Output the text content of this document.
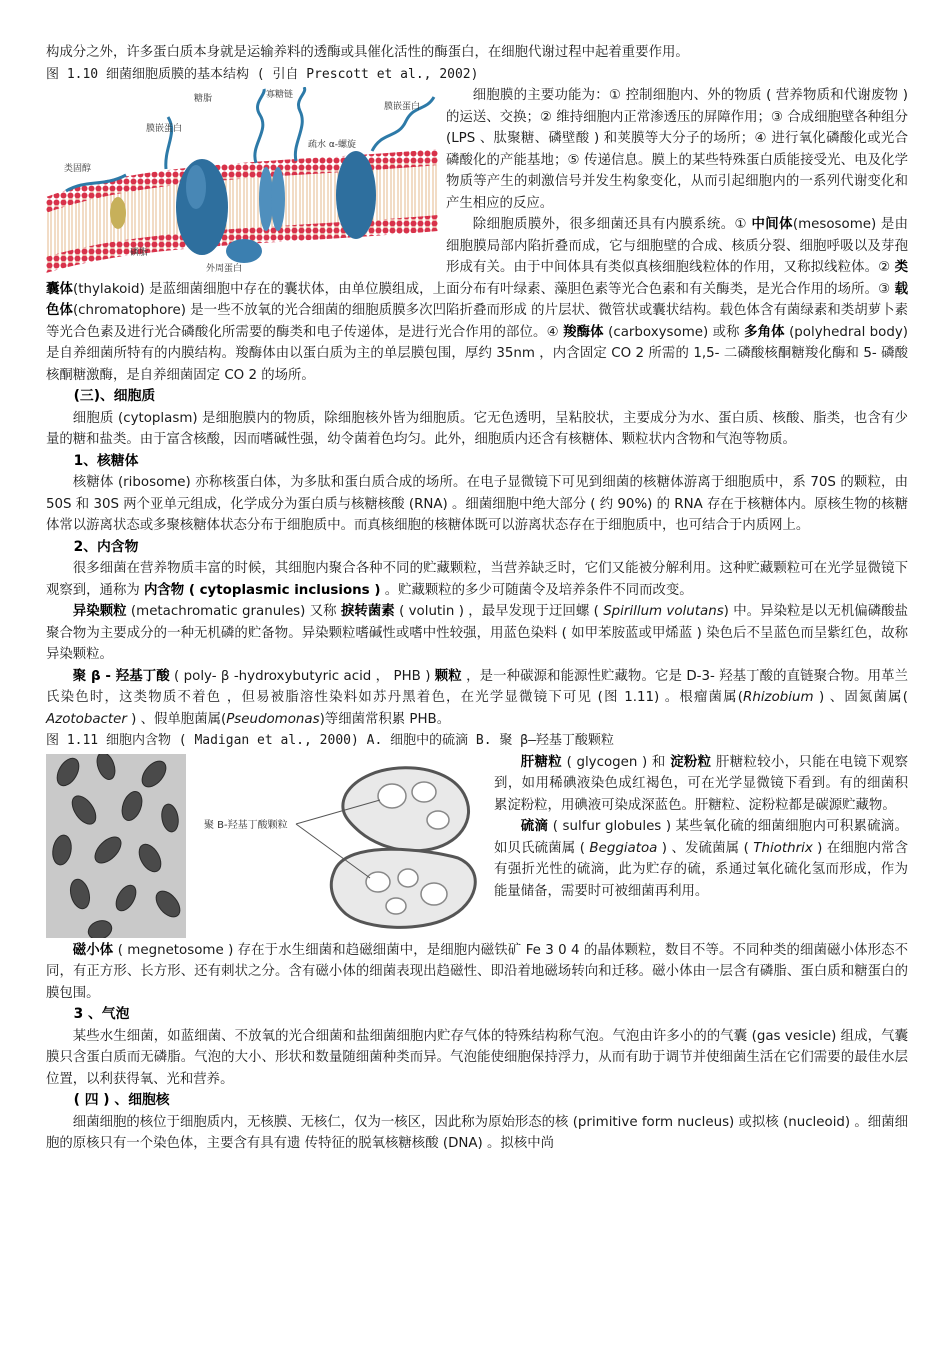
构成分之外，许多蛋白质本身就是运输养料的透酶或具催化活性的酶蛋白，在细胞代谢过程中起着重要作用。

图 1.10 细菌细胞质膜的基本结构 ( 引自 Prescott et al., 2002)

糖脂	寡糖链
膜嵌蛋白
膜嵌蛋白
类固醇
疏水 α-螺旋
磷脂
外周蛋白

细胞膜的主要功能为：① 控制细胞内、外的物质 ( 营养物质和代谢废物 ) 的运送、交换；② 维持细胞内正常渗透压的屏障作用；③ 合成细胞壁各种组分 (LPS 、肽聚糖、磷壁酸 ) 和荚膜等大分子的场所；④ 进行氧化磷酸化或光合磷酸化的产能基地；⑤ 传递信息。膜上的某些特殊蛋白质能接受光、电及化学物质等产生的刺激信号并发生构象变化，从而引起细胞内的一系列代谢变化和产生相应的反应。

除细胞质膜外，很多细菌还具有内膜系统。① 中间体(mesosome) 是由细胞膜局部内陷折叠而成，它与细胞壁的合成、核质分裂、细胞呼吸以及芽孢形成有关。由于中间体具有类似真核细胞线粒体的作用，又称拟线粒体。② 类囊体(thylakoid) 是蓝细菌细胞中存在的囊状体，由单位膜组成，上面分布有叶绿素、藻胆色素等光合色素和有关酶类，是光合作用的场所。③ 载色体(chromatophore) 是一些不放氧的光合细菌的细胞质膜多次凹陷折叠而形成 的片层状、微管状或囊状结构。载色体含有菌绿素和类胡萝卜素等光合色素及进行光合磷酸化所需要的酶类和电子传递体，是进行光合作用的部位。④ 羧酶体 (carboxysome) 或称 多角体 (polyhedral body) 是自养细菌所特有的内膜结构。羧酶体由以蛋白质为主的单层膜包围，厚约 35nm ，内含固定 CO 2 所需的 1,5- 二磷酸核酮糖羧化酶和 5- 磷酸核酮糖激酶，是自养细菌固定 CO 2 的场所。

(三)、细胞质

细胞质 (cytoplasm) 是细胞膜内的物质，除细胞核外皆为细胞质。它无色透明，呈粘胶状，主要成分为水、蛋白质、核酸、脂类，也含有少量的糖和盐类。由于富含核酸，因而嗜碱性强，幼令菌着色均匀。此外，细胞质内还含有核糖体、颗粒状内含物和气泡等物质。

1、核糖体

核糖体 (ribosome) 亦称核蛋白体，为多肽和蛋白质合成的场所。在电子显微镜下可见到细菌的核糖体游离于细胞质中，系 70S 的颗粒，由 50S 和 30S 两个亚单元组成，化学成分为蛋白质与核糖核酸 (RNA) 。细菌细胞中绝大部分 ( 约 90%) 的 RNA 存在于核糖体内。原核生物的核糖体常以游离状态或多聚核糖体状态分布于细胞质中。而真核细胞的核糖体既可以游离状态存在于细胞质中，也可结合于内质网上。

2、内含物

很多细菌在营养物质丰富的时候，其细胞内聚合各种不同的贮藏颗粒，当营养缺乏时，它们又能被分解利用。这种贮藏颗粒可在光学显微镜下观察到，通称为 内含物 ( cytoplasmic inclusions ) 。贮藏颗粒的多少可随菌令及培养条件不同而改变。

异染颗粒 (metachromatic granules) 又称 捩转菌素 ( volutin ) ，最早发现于迂回螺 ( Spirillum volutans) 中。异染粒是以无机偏磷酸盐聚合物为主要成分的一种无机磷的贮备物。异染颗粒嗜碱性或嗜中性较强，用蓝色染料 ( 如甲苯胺蓝或甲烯蓝 ) 染色后不呈蓝色而呈紫红色，故称异染颗粒。

聚 β - 羟基丁酸 ( poly- β -hydroxybutyric acid ， PHB ) 颗粒 ，是一种碳源和能源性贮藏物。它是 D-3- 羟基丁酸的直链聚合物。用革兰氏染色时，这类物质不着色 ，但易被脂溶性染料如苏丹黑着色，在光学显微镜下可见 (图 1.11) 。根瘤菌属(Rhizobium ) 、固氮菌属( Azotobacter ) 、假单胞菌属(Pseudomonas)等细菌常积累 PHB。

图 1.11 细胞内含物 ( Madigan et al., 2000) A. 细胞中的硫滴 B. 聚 β—羟基丁酸颗粒

聚 B-羟基丁酸颗粒

肝糖粒 ( glycogen ) 和 淀粉粒 肝糖粒较小，只能在电镜下观察到，如用稀碘液染色成红褐色，可在光学显微镜下看到。有的细菌积累淀粉粒，用碘液可染成深蓝色。肝糖粒、淀粉粒都是碳源贮藏物。

硫滴 ( sulfur globules ) 某些氧化硫的细菌细胞内可积累硫滴。如贝氏硫菌属 ( Beggiatoa ) 、发硫菌属 ( Thiothrix ) 在细胞内常含有强折光性的硫滴，此为贮存的硫，系通过氧化硫化氢而形成，作为能量储备，需要时可被细菌再利用。

磁小体 ( megnetosome ) 存在于水生细菌和趋磁细菌中，是细胞内磁铁矿 Fe 3 0 4 的晶体颗粒，数目不等。不同种类的细菌磁小体形态不同，有正方形、长方形、还有刺状之分。含有磁小体的细菌表现出趋磁性、即沿着地磁场转向和迁移。磁小体由一层含有磷脂、蛋白质和糖蛋白的膜包围。

3 、气泡

某些水生细菌，如蓝细菌、不放氧的光合细菌和盐细菌细胞内贮存气体的特殊结构称气泡。气泡由许多小的的气囊 (gas vesicle) 组成，气囊膜只含蛋白质而无磷脂。气泡的大小、形状和数量随细菌种类而异。气泡能使细胞保持浮力，从而有助于调节并使细菌生活在它们需要的最佳水层位置，以利获得氧、光和营养。

( 四 ) 、细胞核

细菌细胞的核位于细胞质内，无核膜、无核仁，仅为一核区，因此称为原始形态的核 (primitive form nucleus) 或拟核 (nucleoid) 。细菌细胞的原核只有一个染色体，主要含有具有遗 传特征的脱氧核糖核酸 (DNA) 。拟核中尚
